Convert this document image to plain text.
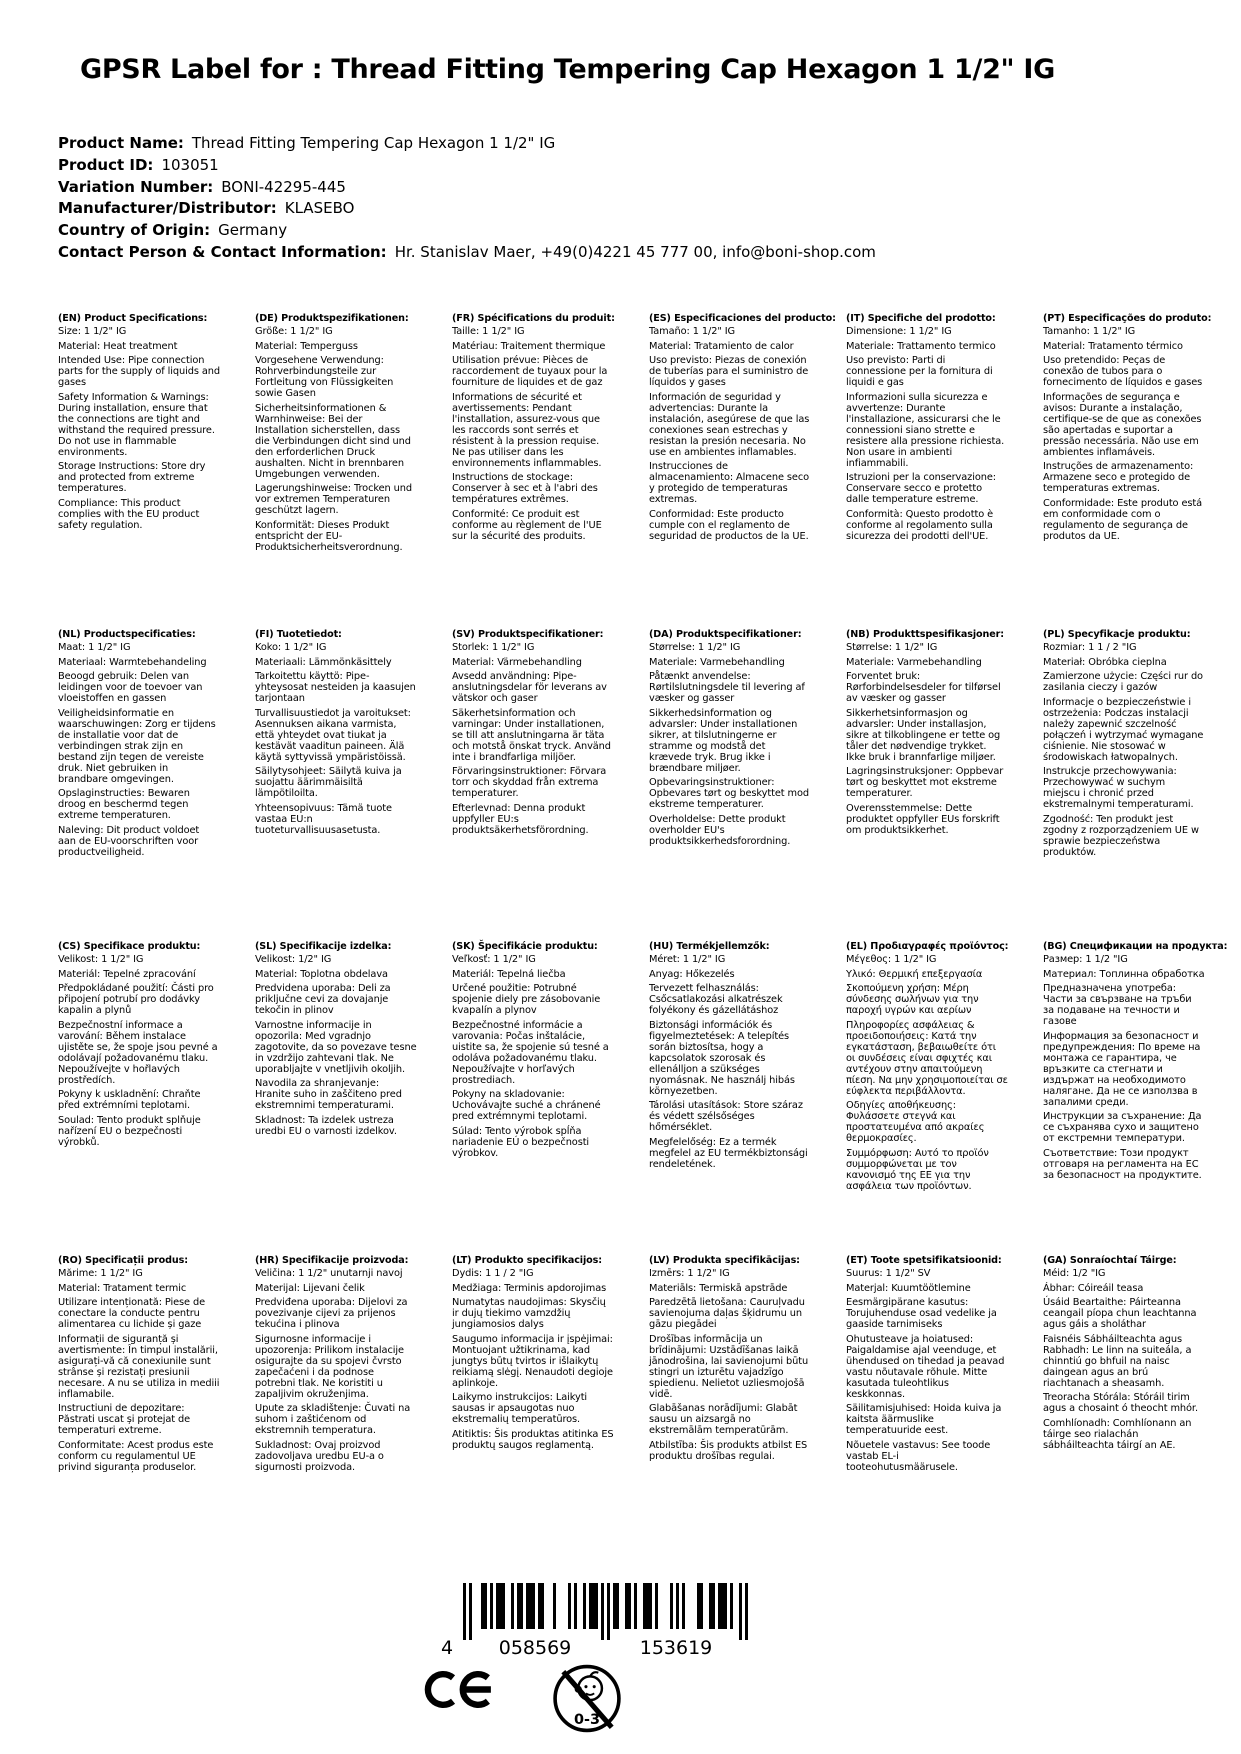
GPSR Label for : Thread Fitting Tempering Cap Hexagon 1 1/2" IG
Product Name: Thread Fitting Tempering Cap Hexagon 1 1/2" IG
Product ID: 103051
Variation Number: BONI-42295-445
Manufacturer/Distributor: KLASEBO
Country of Origin: Germany
Contact Person & Contact Information: Hr. Stanislav Maer, +49(0)4221 45 777 00, info@boni-shop.com
(EN) Product Specifications:

Size: 1 1/2" IG

Material: Heat treatment

Intended Use: Pipe connection parts for the supply of liquids and gases

Safety Information & Warnings: During installation, ensure that the connections are tight and withstand the required pressure. Do not use in flammable environments.

Storage Instructions: Store dry and protected from extreme temperatures.

Compliance: This product complies with the EU product safety regulation.

(DE) Produktspezifikationen:

Größe: 1 1/2" IG

Material: Temperguss

Vorgesehene Verwendung: Rohrverbindungsteile zur Fortleitung von Flüssigkeiten sowie Gasen

Sicherheitsinformationen & Warnhinweise: Bei der Installation sicherstellen, dass die Verbindungen dicht sind und den erforderlichen Druck aushalten. Nicht in brennbaren Umgebungen verwenden.

Lagerungshinweise: Trocken und vor extremen Temperaturen geschützt lagern.

Konformität: Dieses Produkt entspricht der EU-Produktsicherheitsverordnung.

(FR) Spécifications du produit:

Taille: 1 1/2" IG

Matériau: Traitement thermique

Utilisation prévue: Pièces de raccordement de tuyaux pour la fourniture de liquides et de gaz

Informations de sécurité et avertissements: Pendant l'installation, assurez-vous que les raccords sont serrés et résistent à la pression requise. Ne pas utiliser dans les environnements inflammables.

Instructions de stockage: Conserver à sec et à l'abri des températures extrêmes.

Conformité: Ce produit est conforme au règlement de l'UE sur la sécurité des produits.

(ES) Especificaciones del producto:

Tamaño: 1 1/2" IG

Material: Tratamiento de calor

Uso previsto: Piezas de conexión de tuberías para el suministro de líquidos y gases

Información de seguridad y advertencias: Durante la instalación, asegúrese de que las conexiones sean estrechas y resistan la presión necesaria. No use en ambientes inflamables.

Instrucciones de almacenamiento: Almacene seco y protegido de temperaturas extremas.

Conformidad: Este producto cumple con el reglamento de seguridad de productos de la UE.

(IT) Specifiche del prodotto:

Dimensione: 1 1/2" IG

Materiale: Trattamento termico

Uso previsto: Parti di connessione per la fornitura di liquidi e gas

Informazioni sulla sicurezza e avvertenze: Durante l'installazione, assicurarsi che le connessioni siano strette e resistere alla pressione richiesta. Non usare in ambienti infiammabili.

Istruzioni per la conservazione: Conservare secco e protetto dalle temperature estreme.

Conformità: Questo prodotto è conforme al regolamento sulla sicurezza dei prodotti dell'UE.

(PT) Especificações do produto:

Tamanho: 1 1/2" IG

Material: Tratamento térmico

Uso pretendido: Peças de conexão de tubos para o fornecimento de líquidos e gases

Informações de segurança e avisos: Durante a instalação, certifique-se de que as conexões são apertadas e suportar a pressão necessária. Não use em ambientes inflamáveis.

Instruções de armazenamento: Armazene seco e protegido de temperaturas extremas.

Conformidade: Este produto está em conformidade com o regulamento de segurança de produtos da UE.

(NL) Productspecificaties:

Maat: 1 1/2" IG

Materiaal: Warmtebehandeling

Beoogd gebruik: Delen van leidingen voor de toevoer van vloeistoffen en gassen

Veiligheidsinformatie en waarschuwingen: Zorg er tijdens de installatie voor dat de verbindingen strak zijn en bestand zijn tegen de vereiste druk. Niet gebruiken in brandbare omgevingen.

Opslaginstructies: Bewaren droog en beschermd tegen extreme temperaturen.

Naleving: Dit product voldoet aan de EU-voorschriften voor productveiligheid.

(FI) Tuotetiedot:

Koko: 1 1/2" IG

Materiaali: Lämmönkäsittely

Tarkoitettu käyttö: Pipe-yhteysosat nesteiden ja kaasujen tarjontaan

Turvallisuustiedot ja varoitukset: Asennuksen aikana varmista, että yhteydet ovat tiukat ja kestävät vaaditun paineen. Älä käytä syttyvissä ympäristöissä.

Säilytysohjeet: Säilytä kuiva ja suojattu äärimmäisiltä lämpötiloilta.

Yhteensopivuus: Tämä tuote vastaa EU:n tuoteturvallisuusasetusta.

(SV) Produktspecifikationer:

Storlek: 1 1/2" IG

Material: Värmebehandling

Avsedd användning: Pipe-anslutningsdelar för leverans av vätskor och gaser

Säkerhetsinformation och varningar: Under installationen, se till att anslutningarna är täta och motstå önskat tryck. Använd inte i brandfarliga miljöer.

Förvaringsinstruktioner: Förvara torr och skyddad från extrema temperaturer.

Efterlevnad: Denna produkt uppfyller EU:s produktsäkerhetsförordning.

(DA) Produktspecifikationer:

Størrelse: 1 1/2" IG

Materiale: Varmebehandling

Påtænkt anvendelse: Rørtilslutningsdele til levering af væsker og gasser

Sikkerhedsinformation og advarsler: Under installationen sikrer, at tilslutningerne er stramme og modstå det krævede tryk. Brug ikke i brændbare miljøer.

Opbevaringsinstruktioner: Opbevares tørt og beskyttet mod ekstreme temperaturer.

Overholdelse: Dette produkt overholder EU's produktsikkerhedsforordning.

(NB) Produkttspesifikasjoner:

Størrelse: 1 1/2" IG

Materiale: Varmebehandling

Forventet bruk: Rørforbindelsesdeler for tilførsel av væsker og gasser

Sikkerhetsinformasjon og advarsler: Under installasjon, sikre at tilkoblingene er tette og tåler det nødvendige trykket. Ikke bruk i brannfarlige miljøer.

Lagringsinstruksjoner: Oppbevar tørt og beskyttet mot ekstreme temperaturer.

Overensstemmelse: Dette produktet oppfyller EUs forskrift om produktsikkerhet.

(PL) Specyfikacje produktu:

Rozmiar: 1 1 / 2 "IG

Materiał: Obróbka cieplna

Zamierzone użycie: Części rur do zasilania cieczy i gazów

Informacje o bezpieczeństwie i ostrzeżenia: Podczas instalacji należy zapewnić szczelność połączeń i wytrzymać wymagane ciśnienie. Nie stosować w środowiskach łatwopalnych.

Instrukcje przechowywania: Przechowywać w suchym miejscu i chronić przed ekstremalnymi temperaturami.

Zgodność: Ten produkt jest zgodny z rozporządzeniem UE w sprawie bezpieczeństwa produktów.

(CS) Specifikace produktu:

Velikost: 1 1/2" IG

Materiál: Tepelné zpracování

Předpokládané použití: Části pro připojení potrubí pro dodávky kapalin a plynů

Bezpečnostní informace a varování: Během instalace ujistěte se, že spoje jsou pevné a odolávají požadovanému tlaku. Nepoužívejte v hořlavých prostředích.

Pokyny k uskladnění: Chraňte před extrémními teplotami.

Soulad: Tento produkt splňuje nařízení EU o bezpečnosti výrobků.

(SL) Specifikacije izdelka:

Velikost: 1/2" IG

Material: Toplotna obdelava

Predvidena uporaba: Deli za priključne cevi za dovajanje tekočin in plinov

Varnostne informacije in opozorila: Med vgradnjo zagotovite, da so povezave tesne in vzdržijo zahtevani tlak. Ne uporabljajte v vnetljivih okoljih.

Navodila za shranjevanje: Hranite suho in zaščiteno pred ekstremnimi temperaturami.

Skladnost: Ta izdelek ustreza uredbi EU o varnosti izdelkov.

(SK) Špecifikácie produktu:

Veľkosť: 1 1/2" IG

Materiál: Tepelná liečba

Určené použitie: Potrubné spojenie diely pre zásobovanie kvapalín a plynov

Bezpečnostné informácie a varovania: Počas inštalácie, uistite sa, že spojenie sú tesné a odoláva požadovanému tlaku. Nepoužívajte v horľavých prostrediach.

Pokyny na skladovanie: Uchovávajte suché a chránené pred extrémnymi teplotami.

Súlad: Tento výrobok spĺňa nariadenie EÚ o bezpečnosti výrobkov.

(HU) Termékjellemzők:

Méret: 1 1/2" IG

Anyag: Hőkezelés

Tervezett felhasználás: Csőcsatlakozási alkatrészek folyékony és gázellátáshoz

Biztonsági információk és figyelmeztetések: A telepítés során biztosítsa, hogy a kapcsolatok szorosak és ellenálljon a szükséges nyomásnak. Ne használj hibás környezetben.

Tárolási utasítások: Store száraz és védett szélsőséges hőmérséklet.

Megfelelőség: Ez a termék megfelel az EU termékbiztonsági rendeletének.

(EL) Προδιαγραφές προϊόντος:

Μέγεθος: 1 1/2" IG

Υλικό: Θερμική επεξεργασία

Σκοπούμενη χρήση: Μέρη σύνδεσης σωλήνων για την παροχή υγρών και αερίων

Πληροφορίες ασφάλειας & προειδοποιήσεις: Κατά την εγκατάσταση, βεβαιωθείτε ότι οι συνδέσεις είναι σφιχτές και αντέχουν στην απαιτούμενη πίεση. Να μην χρησιμοποιείται σε εύφλεκτα περιβάλλοντα.

Οδηγίες αποθήκευσης: Φυλάσσετε στεγνά και προστατευμένα από ακραίες θερμοκρασίες.

Συμμόρφωση: Αυτό το προϊόν συμμορφώνεται με τον κανονισμό της ΕΕ για την ασφάλεια των προϊόντων.

(BG) Спецификации на продукта:

Размер: 1 1/2 "IG

Материал: Топлинна обработка

Предназначена употреба: Части за свързване на тръби за подаване на течности и газове

Информация за безопасност и предупреждения: По време на монтажа се гарантира, че връзките са стегнати и издържат на необходимото налягане. Да не се използва в запалими среди.

Инструкции за съхранение: Да се съхранява сухо и защитено от екстремни температури.

Съответствие: Този продукт отговаря на регламента на ЕС за безопасност на продуктите.

(RO) Specificații produs:

Mărime: 1 1/2" IG

Material: Tratament termic

Utilizare intenționată: Piese de conectare la conducte pentru alimentarea cu lichide și gaze

Informații de siguranță și avertismente: În timpul instalării, asigurați-vă că conexiunile sunt strânse și rezistați presiunii necesare. A nu se utiliza in mediii inflamabile.

Instructiuni de depozitare: Păstrati uscat și protejat de temperaturi extreme.

Conformitate: Acest produs este conform cu regulamentul UE privind siguranța produselor.

(HR) Specifikacije proizvoda:

Veličina: 1 1/2" unutarnji navoj

Materijal: Lijevani čelik

Predviđena uporaba: Dijelovi za povezivanje cijevi za prijenos tekućina i plinova

Sigurnosne informacije i upozorenja: Prilikom instalacije osigurajte da su spojevi čvrsto zapečaćeni i da podnose potrebni tlak. Ne koristiti u zapaljivim okruženjima.

Upute za skladištenje: Čuvati na suhom i zaštićenom od ekstremnih temperatura.

Sukladnost: Ovaj proizvod zadovoljava uredbu EU-a o sigurnosti proizvoda.

(LT) Produkto specifikacijos:

Dydis: 1 1 / 2 "IG

Medžiaga: Terminis apdorojimas

Numatytas naudojimas: Skysčių ir dujų tiekimo vamzdžių jungiamosios dalys

Saugumo informacija ir įspėjimai: Montuojant užtikrinama, kad jungtys būtų tvirtos ir išlaikytų reikiamą slėgį. Nenaudoti degioje aplinkoje.

Laikymo instrukcijos: Laikyti sausas ir apsaugotas nuo ekstremalių temperatūros.

Atitiktis: Šis produktas atitinka ES produktų saugos reglamentą.

(LV) Produkta specifikācijas:

Izmērs: 1 1/2" IG

Materiāls: Termiskā apstrāde

Paredzētā lietošana: Cauruļvadu savienojuma daļas šķidrumu un gāzu piegādei

Drošības informācija un brīdinājumi: Uzstādīšanas laikā jānodrošina, lai savienojumi būtu stingri un izturētu vajadzīgo spiedienu. Nelietot uzliesmojošā vidē.

Glabāšanas norādījumi: Glabāt sausu un aizsargā no ekstremālām temperatūrām.

Atbilstība: Šis produkts atbilst ES produktu drošības regulai.

(ET) Toote spetsifikatsioonid:

Suurus: 1 1/2" SV

Materjal: Kuumtöötlemine

Eesmärgipärane kasutus: Torujuhenduse osad vedelike ja gaaside tarnimiseks

Ohutusteave ja hoiatused: Paigaldamise ajal veenduge, et ühendused on tihedad ja peavad vastu nõutavale rõhule. Mitte kasutada tuleohtlikus keskkonnas.

Säilitamisjuhised: Hoida kuiva ja kaitsta äärmuslike temperatuuride eest.

Nõuetele vastavus: See toode vastab EL-i tooteohutusmäärusele.

(GA) Sonraíochtaí Táirge:

Méid: 1/2 "IG

Ábhar: Cóireáil teasa

Úsáid Beartaithe: Páirteanna ceangail píopa chun leachtanna agus gáis a sholáthar

Faisnéis Sábháilteachta agus Rabhadh: Le linn na suiteála, a chinntiú go bhfuil na naisc daingean agus an brú riachtanach a sheasamh.

Treoracha Stórála: Stóráil tirim agus a chosaint ó theocht mhór.

Comhlíonadh: Comhlíonann an táirge seo rialachán sábháilteachta táirgí an AE.

4 058569	153619
0-3
